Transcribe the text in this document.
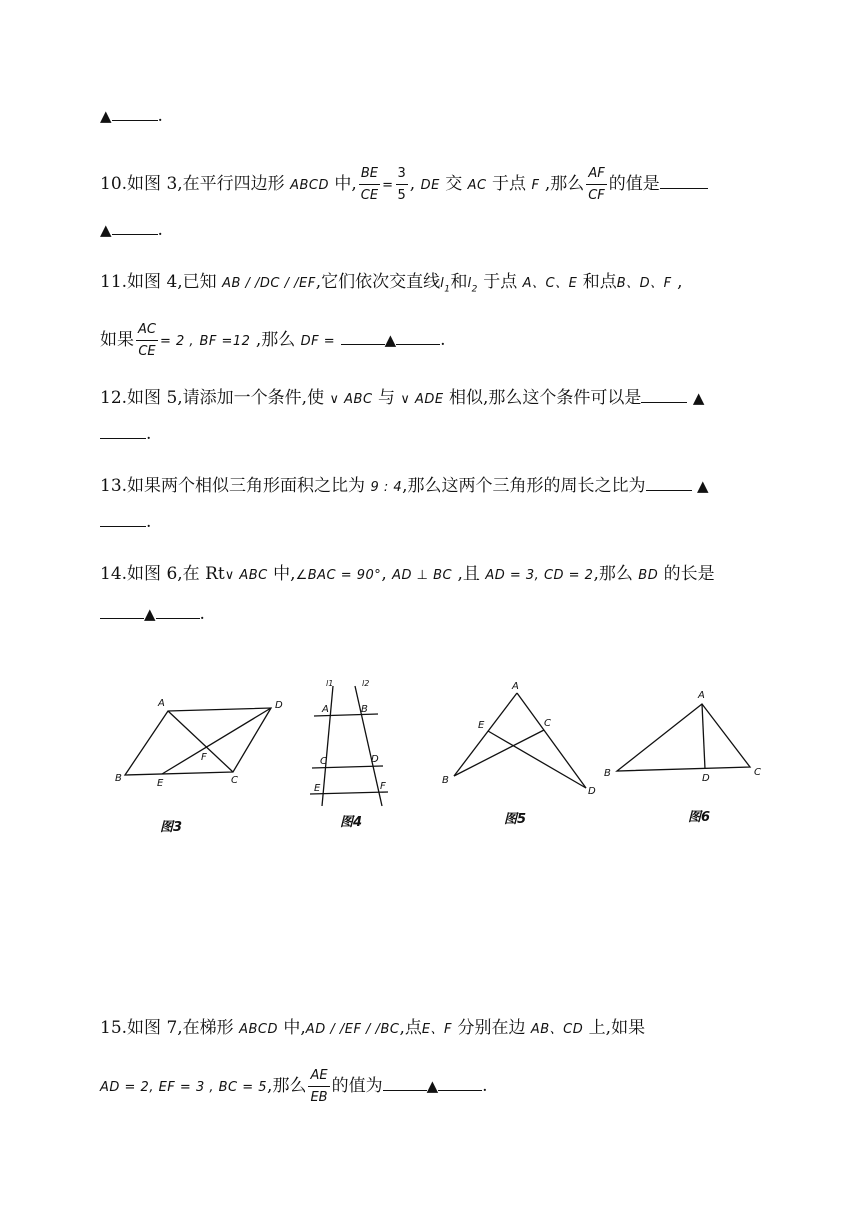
▲	.
10.如图 3,在平行四边形 ABCD 中, $\frac{BE}{CE} = \frac{3}{5}$ , DE 交 AC 于点 F ,那么 $\frac{AF}{CF}$ 的值是
▲	.
11.如图 4,已知 AB / /DC / /EF,它们依次交直线$l_1$和$l_2$ 于点 A、C、E 和点B、D、F ,
如果 $\frac{AC}{CE} = 2$ , BF =12 ,那么 DF =	▲	.
12.如图 5,请添加一个条件,使 ∨ ABC 与 ∨ ADE 相似,那么这个条件可以是	▲
.
13.如果两个相似三角形面积之比为 9 : 4,那么这两个三角形的周长之比为	▲
.
14.如图 6,在 Rt∨ ABC 中,∠BAC = 90°, AD ⊥ BC ,且 AD = 3, CD = 2,那么 BD 的长是
▲	.
A	D
B	E
F
C
l1	l2
A	B
C	D
E	F
A
E	C
B
D
A
B	D
C
图3	图4	图5	图6
15.如图 7,在梯形 ABCD 中,AD / /EF / /BC,点E、F 分别在边 AB、CD 上,如果
AD = 2, EF = 3 , BC = 5,那么 $\frac{AE}{EB}$ 的值为	▲	.
